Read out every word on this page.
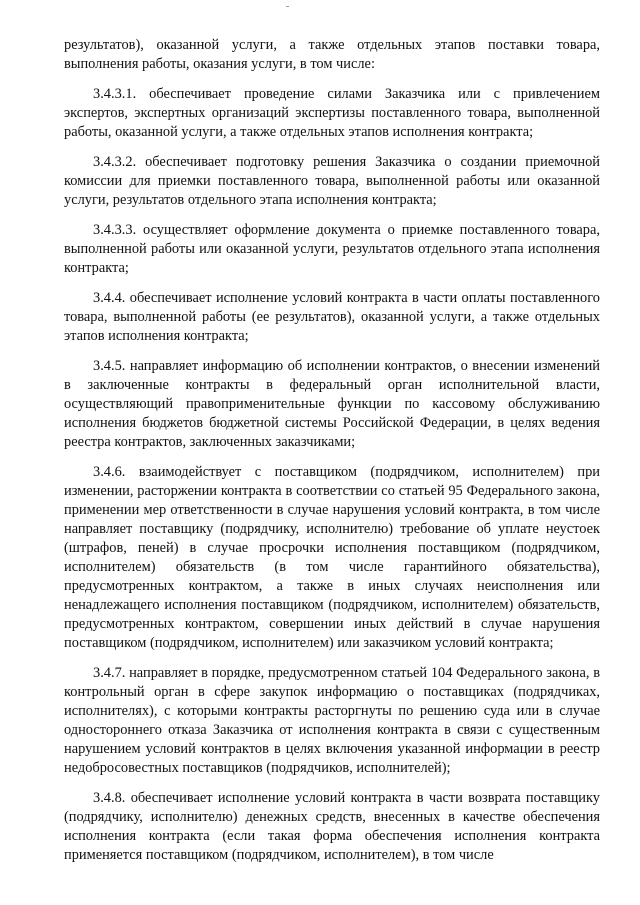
результатов), оказанной услуги, а также отдельных этапов поставки товара, выполнения работы, оказания услуги, в том числе:

3.4.3.1. обеспечивает проведение силами Заказчика или с привлечением экспертов, экспертных организаций экспертизы поставленного товара, выполненной работы, оказанной услуги, а также отдельных этапов исполнения контракта;

3.4.3.2. обеспечивает подготовку решения Заказчика о создании приемочной комиссии для приемки поставленного товара, выполненной работы или оказанной услуги, результатов отдельного этапа исполнения контракта;

3.4.3.3. осуществляет оформление документа о приемке поставленного товара, выполненной работы или оказанной услуги, результатов отдельного этапа исполнения контракта;

3.4.4. обеспечивает исполнение условий контракта в части оплаты поставленного товара, выполненной работы (ее результатов), оказанной услуги, а также отдельных этапов исполнения контракта;

3.4.5. направляет информацию об исполнении контрактов, о внесении изменений в заключенные контракты в федеральный орган исполнительной власти, осуществляющий правоприменительные функции по кассовому обслуживанию исполнения бюджетов бюджетной системы Российской Федерации, в целях ведения реестра контрактов, заключенных заказчиками;

3.4.6. взаимодействует с поставщиком (подрядчиком, исполнителем) при изменении, расторжении контракта в соответствии со статьей 95 Федерального закона, применении мер ответственности в случае нарушения условий контракта, в том числе направляет поставщику (подрядчику, исполнителю) требование об уплате неустоек (штрафов, пеней) в случае просрочки исполнения поставщиком (подрядчиком, исполнителем) обязательств (в том числе гарантийного обязательства), предусмотренных контрактом, а также в иных случаях неисполнения или ненадлежащего исполнения поставщиком (подрядчиком, исполнителем) обязательств, предусмотренных контрактом, совершении иных действий в случае нарушения поставщиком (подрядчиком, исполнителем) или заказчиком условий контракта;

3.4.7. направляет в порядке, предусмотренном статьей 104 Федерального закона, в контрольный орган в сфере закупок информацию о поставщиках (подрядчиках, исполнителях), с которыми контракты расторгнуты по решению суда или в случае одностороннего отказа Заказчика от исполнения контракта в связи с существенным нарушением условий контрактов в целях включения указанной информации в реестр недобросовестных поставщиков (подрядчиков, исполнителей);

3.4.8. обеспечивает исполнение условий контракта в части возврата поставщику (подрядчику, исполнителю) денежных средств, внесенных в качестве обеспечения исполнения контракта (если такая форма обеспечения исполнения контракта применяется поставщиком (подрядчиком, исполнителем), в том числе
